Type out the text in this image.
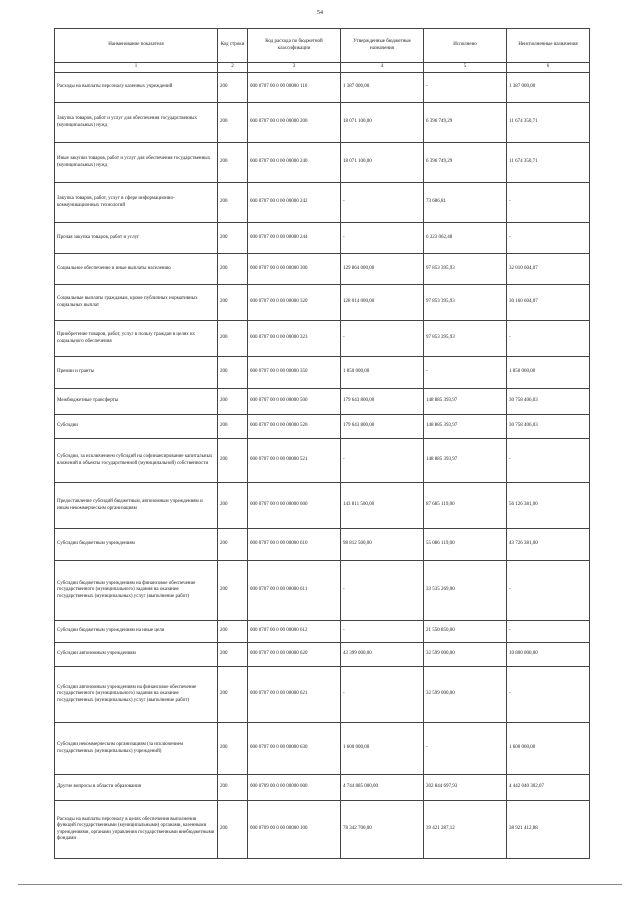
54
Наименование показателя	Код строки	Код расхода по бюджетной классификации	Утвержденные бюджетные назначения	Исполнено	Неисполненные назначения
1	2	3	4	5	6
Расходы на выплаты персоналу казенных учреждений	200	000 0707 00 0 00 00000 110	1 387 000,00	-	1 387 000,00
Закупка товаров, работ и услуг для обеспечения государственных (муниципальных) нужд	200	000 0707 00 0 00 00000 200	18 071 100,00	6 396 749,29	11 674 350,71
Иные закупки товаров, работ и услуг для обеспечения государственных (муниципальных) нужд	200	000 0707 00 0 00 00000 240	18 071 100,00	6 396 749,29	11 674 350,71
Закупка товаров, работ, услуг в сфере информационно-коммуникационных технологий	200	000 0707 00 0 00 00000 242	-	73 686,81	-
Прочая закупка товаров, работ и услуг	200	000 0707 00 0 00 00000 244	-	6 323 062,48	-
Социальное обеспечение и иные выплаты населению	200	000 0707 00 0 00 00000 300	129 864 000,00	97 853 395,93	32 010 604,07
Социальные выплаты гражданам, кроме публичных нормативных социальных выплат	200	000 0707 00 0 00 00000 320	128 014 000,00	97 853 395,93	30 160 604,07
Приобретение товаров, работ, услуг в пользу граждан в целях их социального обеспечения	200	000 0707 00 0 00 00000 323	-	97 853 395,93	-
Премии и гранты	200	000 0707 00 0 00 00000 350	1 850 000,00	-	1 850 000,00
Межбюджетные трансферты	200	000 0707 00 0 00 00000 500	179 643 800,00	148 885 393,97	30 758 406,03
Субсидии	200	000 0707 00 0 00 00000 520	179 643 800,00	148 885 393,97	30 758 406,03
Субсидии, за исключением субсидий на софинансирование капитальных вложений в объекты государственной (муниципальной) собственности	200	000 0707 00 0 00 00000 521	-	148 885 393,97	-
Предоставление субсидий бюджетным, автономным учреждениям и иным некоммерческим организациям	200	000 0707 00 0 00 00000 600	143 811 500,00	87 685 119,00	56 126 381,00
Субсидии бюджетным учреждениям	200	000 0707 00 0 00 00000 610	98 812 500,00	55 086 119,00	43 726 381,00
Субсидии бюджетным учреждениям на финансовое обеспечение государственного (муниципального) задания на оказание государственных (муниципальных) услуг (выполнение работ)	200	000 0707 00 0 00 00000 611	-	33 535 269,00	-
Субсидии бюджетным учреждениям на иные цели	200	000 0707 00 0 00 00000 612	-	21 550 850,00	-
Субсидии автономным учреждениям	200	000 0707 00 0 00 00000 620	43 399 000,00	32 599 000,00	10 800 000,00
Субсидии автономным учреждениям на финансовое обеспечение государственного (муниципального) задания на оказание государственных (муниципальных) услуг (выполнение работ)	200	000 0707 00 0 00 00000 621	-	32 599 000,00	-
Субсидии некоммерческим организациям (за исключением государственных (муниципальных) учреждений)	200	000 0707 00 0 00 00000 630	1 600 000,00	-	1 600 000,00
Другие вопросы в области образования	200	000 0709 00 0 00 00000 000	4 744 885 000,00	302 844 697,93	4 442 040 302,07
Расходы на выплаты персоналу в целях обеспечения выполнения функций государственными (муниципальными) органами, казенными учреждениями, органами управления государственными внебюджетными фондами	200	000 0709 00 0 00 00000 100	78 342 700,00	39 421 287,12	38 921 412,88
